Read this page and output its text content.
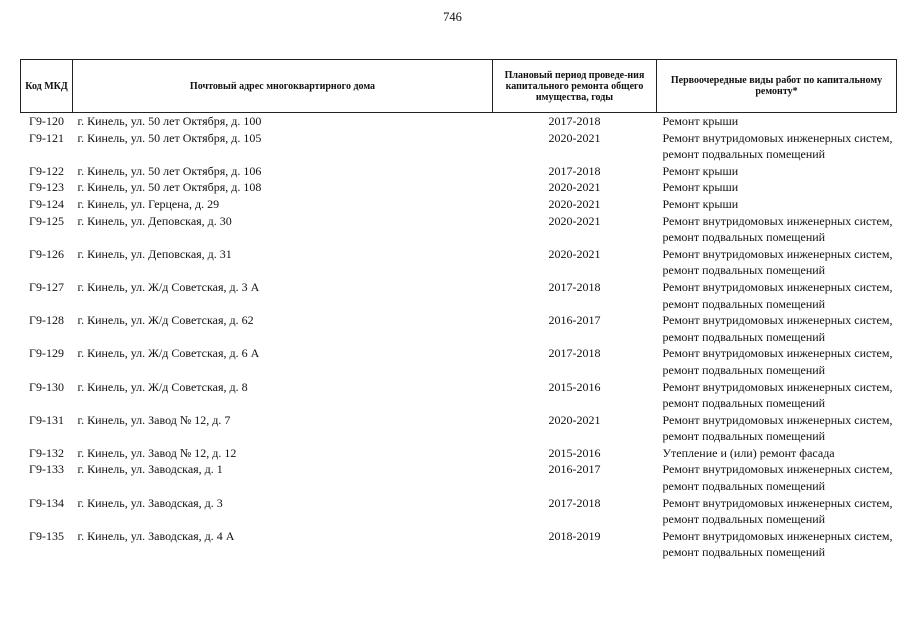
746
Код МКД	Почтовый адрес многоквартирного дома	Плановый период проведе-ния капитального ремонта общего имущества, годы	Первоочередные виды работ по капитальному ремонту*
Г9-120	г. Кинель, ул. 50 лет Октября, д. 100	2017-2018	Ремонт крыши

Г9-121	г. Кинель, ул. 50 лет Октября, д. 105	2020-2021	Ремонт внутридомовых инженерных систем,
ремонт подвальных помещений

Г9-122	г. Кинель, ул. 50 лет Октября, д. 106	2017-2018	Ремонт крыши

Г9-123	г. Кинель, ул. 50 лет Октября, д. 108	2020-2021	Ремонт крыши

Г9-124	г. Кинель, ул. Герцена, д. 29	2020-2021	Ремонт крыши

Г9-125	г. Кинель, ул. Деповская, д. 30	2020-2021	Ремонт внутридомовых инженерных систем,
ремонт подвальных помещений

Г9-126	г. Кинель, ул. Деповская, д. 31	2020-2021	Ремонт внутридомовых инженерных систем,
ремонт подвальных помещений

Г9-127	г. Кинель, ул. Ж/д Советская, д. 3 А	2017-2018	Ремонт внутридомовых инженерных систем,
ремонт подвальных помещений

Г9-128	г. Кинель, ул. Ж/д Советская, д. 62	2016-2017	Ремонт внутридомовых инженерных систем,
ремонт подвальных помещений

Г9-129	г. Кинель, ул. Ж/д Советская, д. 6 А	2017-2018	Ремонт внутридомовых инженерных систем,
ремонт подвальных помещений

Г9-130	г. Кинель, ул. Ж/д Советская, д. 8	2015-2016	Ремонт внутридомовых инженерных систем,
ремонт подвальных помещений

Г9-131	г. Кинель, ул. Завод № 12, д. 7	2020-2021	Ремонт внутридомовых инженерных систем,
ремонт подвальных помещений

Г9-132	г. Кинель, ул. Завод № 12, д. 12	2015-2016	Утепление и (или) ремонт фасада

Г9-133	г. Кинель, ул. Заводская, д. 1	2016-2017	Ремонт внутридомовых инженерных систем,
ремонт подвальных помещений

Г9-134	г. Кинель, ул. Заводская, д. 3	2017-2018	Ремонт внутридомовых инженерных систем,
ремонт подвальных помещений

Г9-135	г. Кинель, ул. Заводская, д. 4 А	2018-2019	Ремонт внутридомовых инженерных систем,
ремонт подвальных помещений
